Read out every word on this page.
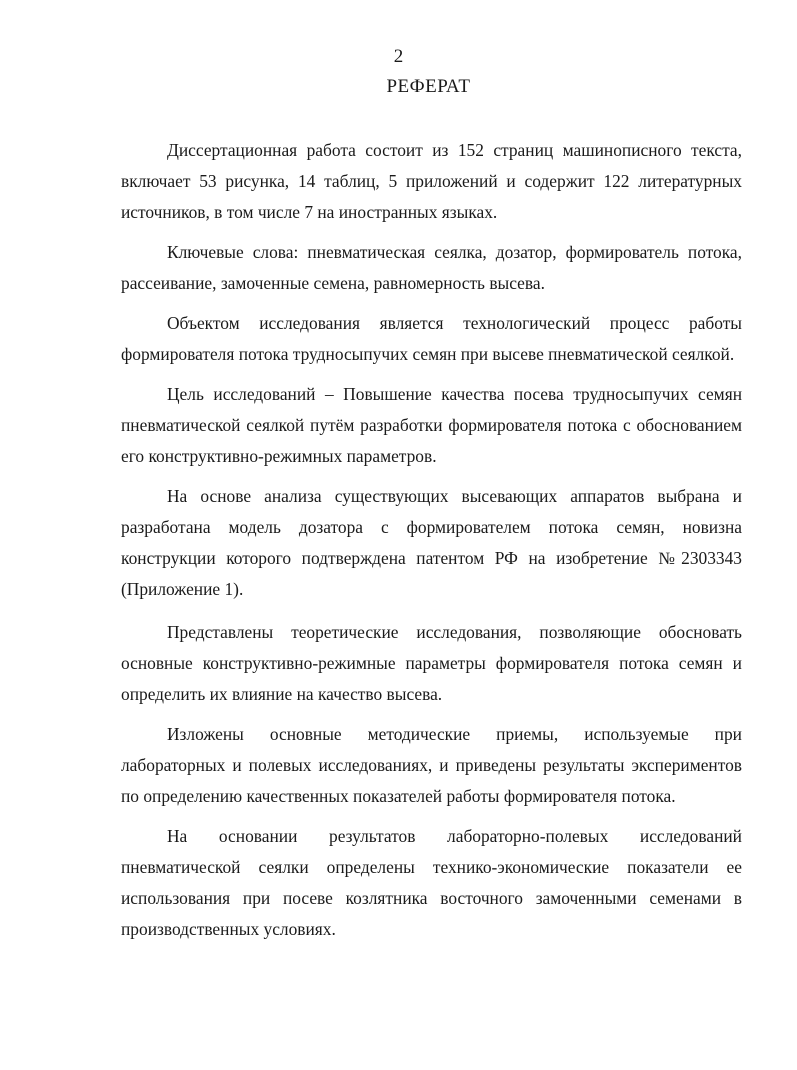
2
РЕФЕРАТ

Диссертационная работа состоит из 152 страниц машинописного текста, включает 53 рисунка, 14 таблиц, 5 приложений и содержит 122 литературных источников, в том числе 7 на иностранных языках.

Ключевые слова: пневматическая сеялка, дозатор, формирователь потока, рассеивание, замоченные семена, равномерность высева.

Объектом исследования является технологический процесс работы формирователя потока трудносыпучих семян при высеве пневматической сеялкой.

Цель исследований – Повышение качества посева трудносыпучих семян пневматической сеялкой путём разработки формирователя потока с обоснованием его конструктивно-режимных параметров.

На основе анализа существующих высевающих аппаратов выбрана и разработана модель дозатора с формирователем потока семян, новизна конструкции которого подтверждена патентом РФ на изобретение №2303343 (Приложение 1).

Представлены теоретические исследования, позволяющие обосновать основные конструктивно-режимные параметры формирователя потока семян и определить их влияние на качество высева.

Изложены основные методические приемы, используемые при лабораторных и полевых исследованиях, и приведены результаты экспериментов по определению качественных показателей работы формирователя потока.

На основании результатов лабораторно-полевых исследований пневматической сеялки определены технико-экономические показатели ее использования при посеве козлятника восточного замоченными семенами в производственных условиях.
